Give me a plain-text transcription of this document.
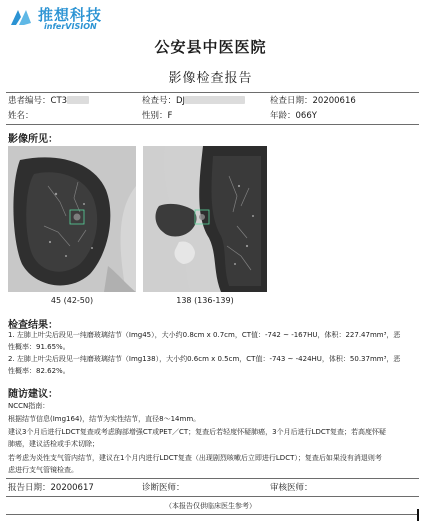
推想科技
inferVISION
公安县中医医院
影像检查报告
患者编号：CT3	检查号：DJ	检查日期：20200616
姓名：	性别：F	年龄：066Y
影像所见：
45 (42-50)	138 (136-139)
检查结果：
1. 左肺上叶尖后段见一纯磨玻璃结节（Img45），大小约0.8cm x 0.7cm，CT值：-742 ~ -167HU，体积：227.47mm³，恶
性概率：91.65%。
2. 左肺上叶尖后段见一纯磨玻璃结节（Img138），大小约0.6cm x 0.5cm，CT值：-743 ~ -424HU，体积：50.37mm³，恶
性概率：82.62%。
随访建议：
NCCN指南：
根据结节信息(Img164)，结节为实性结节，直径8～14mm。
建议3个月后进行LDCT复查或考虑胸部增强CT或PET／CT；复查后若轻度怀疑肺癌，3个月后进行LDCT复查；若高度怀疑
肺癌，建议活检或手术切除；
若考虑为炎性支气管内结节，建议在1个月内进行LDCT复查（出现剧烈咳嗽后立即进行LDCT）；复查后如果没有消退则考
虑进行支气管镜检查。
报告日期：20200617	诊断医师：	审核医师：
（本报告仅供临床医生参考）
